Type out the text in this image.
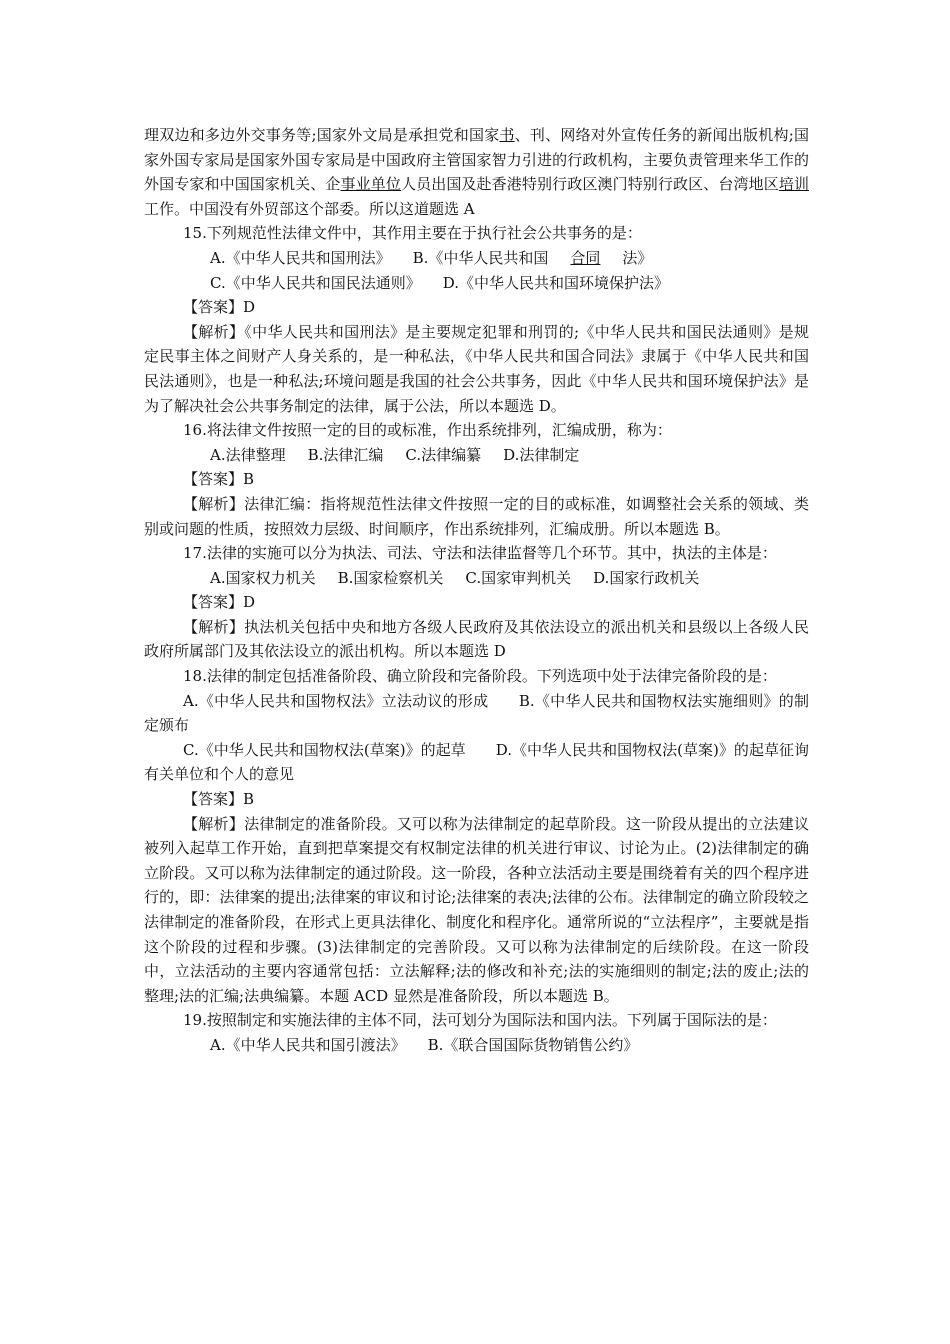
理双边和多边外交事务等;国家外文局是承担党和国家书、刊、网络对外宣传任务的新闻出版机构;国家外国专家局是国家外国专家局是中国政府主管国家智力引进的行政机构，主要负责管理来华工作的外国专家和中国国家机关、企事业单位人员出国及赴香港特别行政区澳门特别行政区、台湾地区培训工作。中国没有外贸部这个部委。所以这道题选 A

15.下列规范性法律文件中，其作用主要在于执行社会公共事务的是：

A.《中华人民共和国刑法》 B.《中华人民共和国 合同 法》

C.《中华人民共和国民法通则》 D.《中华人民共和国环境保护法》

【答案】D

【解析】《中华人民共和国刑法》是主要规定犯罪和刑罚的;《中华人民共和国民法通则》是规定民事主体之间财产人身关系的，是一种私法，《中华人民共和国合同法》隶属于《中华人民共和国民法通则》，也是一种私法;环境问题是我国的社会公共事务，因此《中华人民共和国环境保护法》是为了解决社会公共事务制定的法律，属于公法，所以本题选 D。

16.将法律文件按照一定的目的或标准，作出系统排列，汇编成册，称为：

A.法律整理 B.法律汇编 C.法律编纂 D.法律制定

【答案】B

【解析】法律汇编：指将规范性法律文件按照一定的目的或标准，如调整社会关系的领域、类别或问题的性质，按照效力层级、时间顺序，作出系统排列，汇编成册。所以本题选 B。

17.法律的实施可以分为执法、司法、守法和法律监督等几个环节。其中，执法的主体是：

A.国家权力机关 B.国家检察机关 C.国家审判机关 D.国家行政机关

【答案】D

【解析】执法机关包括中央和地方各级人民政府及其依法设立的派出机关和县级以上各级人民政府所属部门及其依法设立的派出机构。所以本题选 D

18.法律的制定包括准备阶段、确立阶段和完备阶段。下列选项中处于法律完备阶段的是：

A.《中华人民共和国物权法》立法动议的形成　　B.《中华人民共和国物权法实施细则》的制定颁布

C.《中华人民共和国物权法(草案)》的起草　　D.《中华人民共和国物权法(草案)》的起草征询有关单位和个人的意见

【答案】B

【解析】法律制定的准备阶段。又可以称为法律制定的起草阶段。这一阶段从提出的立法建议被列入起草工作开始，直到把草案提交有权制定法律的机关进行审议、讨论为止。(2)法律制定的确立阶段。又可以称为法律制定的通过阶段。这一阶段，各种立法活动主要是围绕着有关的四个程序进行的，即：法律案的提出;法律案的审议和讨论;法律案的表决;法律的公布。法律制定的确立阶段较之法律制定的准备阶段，在形式上更具法律化、制度化和程序化。通常所说的“立法程序”，主要就是指这个阶段的过程和步骤。(3)法律制定的完善阶段。又可以称为法律制定的后续阶段。在这一阶段中，立法活动的主要内容通常包括：立法解释;法的修改和补充;法的实施细则的制定;法的废止;法的整理;法的汇编;法典编纂。本题 ACD 显然是准备阶段，所以本题选 B。

19.按照制定和实施法律的主体不同，法可划分为国际法和国内法。下列属于国际法的是：

A.《中华人民共和国引渡法》 B.《联合国国际货物销售公约》
